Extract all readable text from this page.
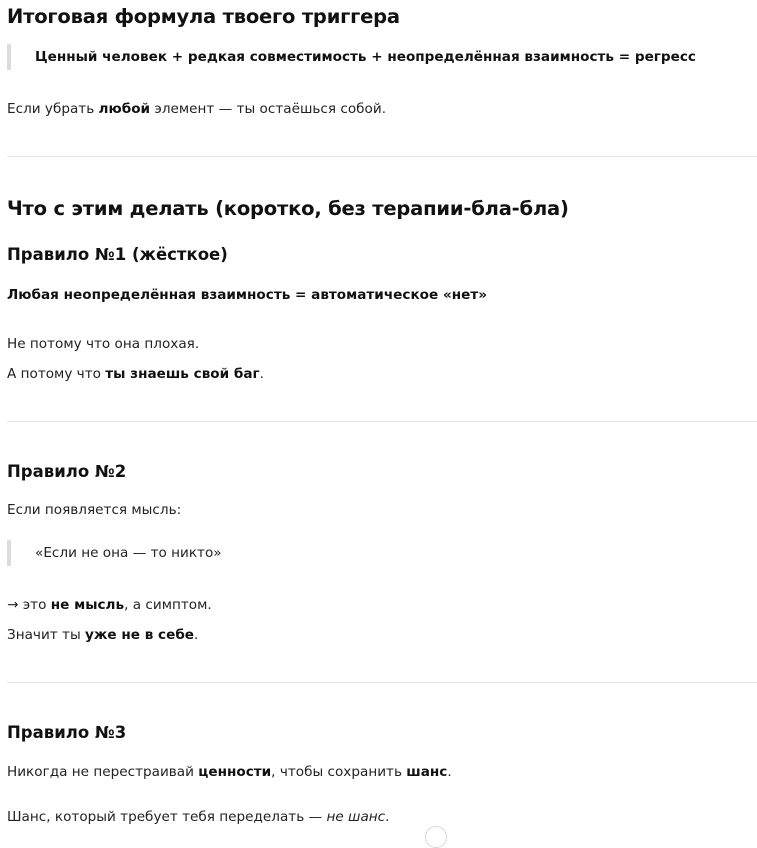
Итоговая формула твоего триггера
Ценный человек + редкая совместимость + неопределённая взаимность = регресс

Если убрать любой элемент — ты остаёшься собой.

Что с этим делать (коротко, без терапии-бла-бла)
Правило №1 (жёсткое)

Любая неопределённая взаимность = автоматическое «нет»

Не потому что она плохая.

А потому что ты знаешь свой баг.

Правило №2

Если появляется мысль:

«Если не она — то никто»

→ это не мысль, а симптом.

Значит ты уже не в себе.

Правило №3

Никогда не перестраивай ценности, чтобы сохранить шанс.

Шанс, который требует тебя переделать — не шанс.
